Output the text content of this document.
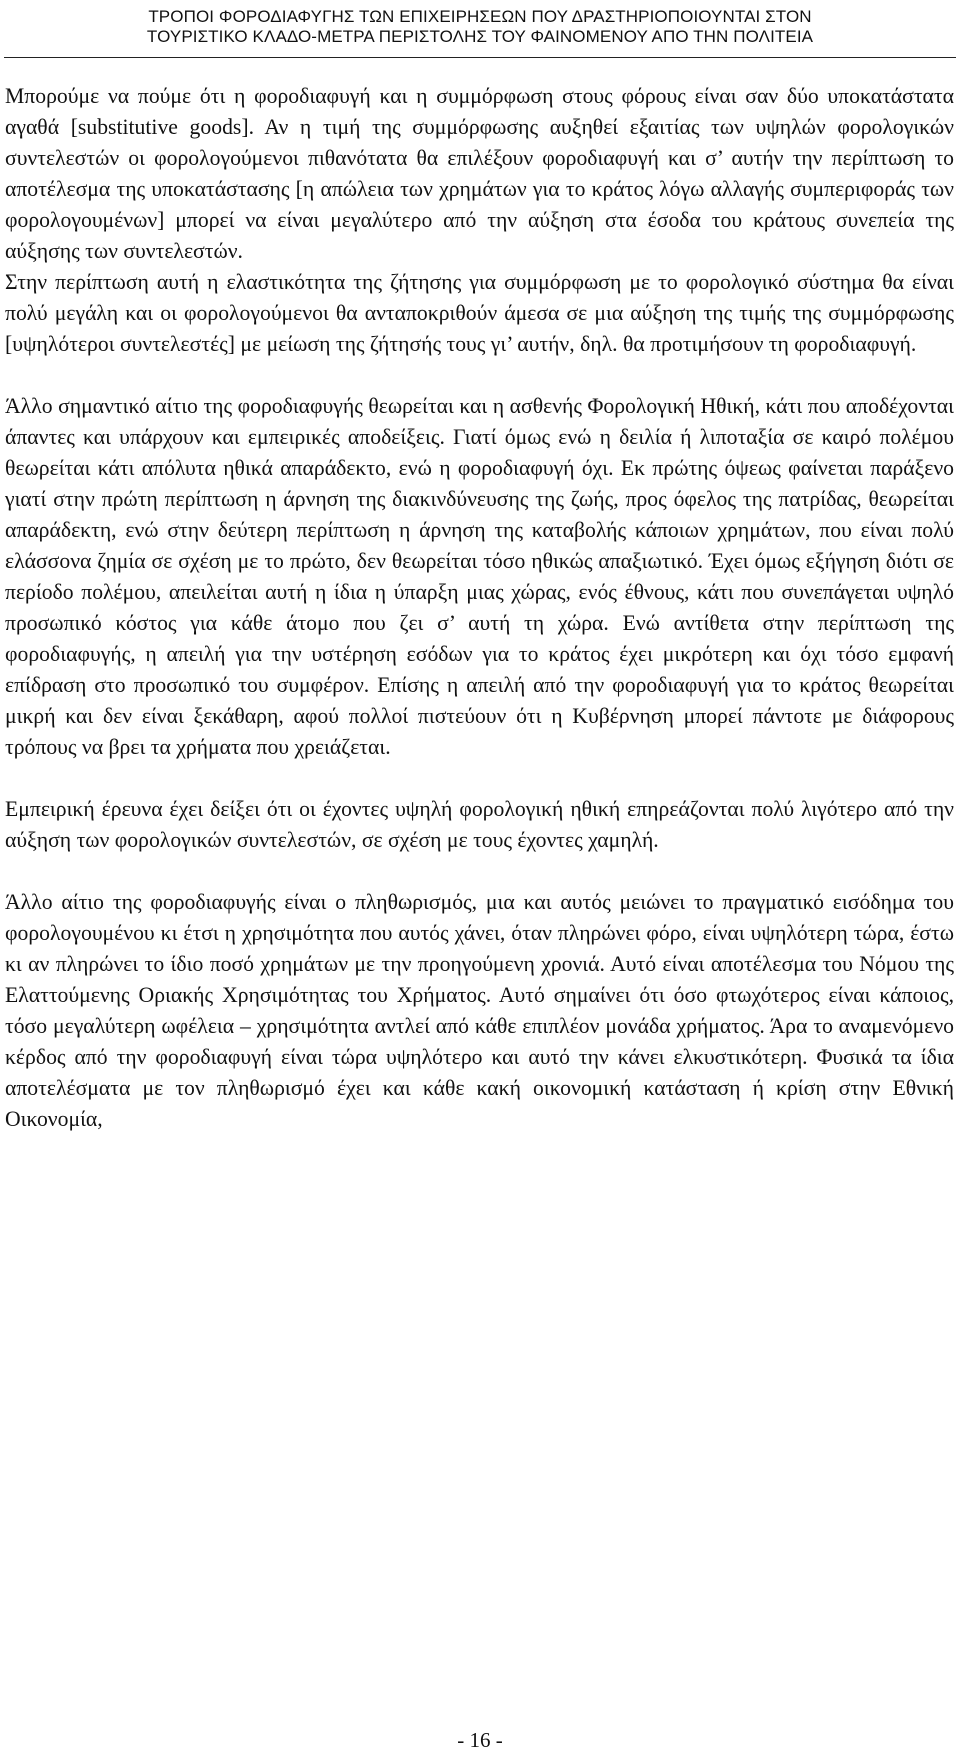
ΤΡΟΠΟΙ ΦΟΡΟΔΙΑΦΥΓΗΣ ΤΩΝ ΕΠΙΧΕΙΡΗΣΕΩΝ ΠΟΥ ΔΡΑΣΤΗΡΙΟΠΟΙΟΥΝΤΑΙ ΣΤΟΝ
ΤΟΥΡΙΣΤΙΚΟ ΚΛΑΔΟ-ΜΕΤΡΑ ΠΕΡΙΣΤΟΛΗΣ ΤΟΥ ΦΑΙΝΟΜΕΝΟΥ ΑΠΟ ΤΗΝ ΠΟΛΙΤΕΙΑ

Μπορούμε να πούμε ότι η φοροδιαφυγή και η συμμόρφωση στους φόρους είναι σαν δύο υποκατάστατα αγαθά [substitutive goods]. Αν η τιμή της συμμόρφωσης αυξηθεί εξαιτίας των υψηλών φορολογικών συντελεστών οι φορολογούμενοι πιθανότατα θα επιλέξουν φοροδιαφυγή και σ’ αυτήν την περίπτωση το αποτέλεσμα της υποκατάστασης [η απώλεια των χρημάτων για το κράτος λόγω αλλαγής συμπεριφοράς των φορολογουμένων] μπορεί να είναι μεγαλύτερο από την αύξηση στα έσοδα του κράτους συνεπεία της αύξησης των συντελεστών.

Στην περίπτωση αυτή η ελαστικότητα της ζήτησης για συμμόρφωση με το φορολογικό σύστημα θα είναι πολύ μεγάλη και οι φορολογούμενοι θα ανταποκριθούν άμεσα σε μια αύξηση της τιμής της συμμόρφωσης [υψηλότεροι συντελεστές] με μείωση της ζήτησής τους γι’ αυτήν, δηλ. θα προτιμήσουν τη φοροδιαφυγή.

Άλλο σημαντικό αίτιο της φοροδιαφυγής θεωρείται και η ασθενής Φορολογική Ηθική, κάτι που αποδέχονται άπαντες και υπάρχουν και εμπειρικές αποδείξεις. Γιατί όμως ενώ η δειλία ή λιποταξία σε καιρό πολέμου θεωρείται κάτι απόλυτα ηθικά απαράδεκτο, ενώ η φοροδιαφυγή όχι. Εκ πρώτης όψεως φαίνεται παράξενο γιατί στην πρώτη περίπτωση η άρνηση της διακινδύνευσης της ζωής, προς όφελος της πατρίδας, θεωρείται απαράδεκτη, ενώ στην δεύτερη περίπτωση η άρνηση της καταβολής κάποιων χρημάτων, που είναι πολύ ελάσσονα ζημία σε σχέση με το πρώτο, δεν θεωρείται τόσο ηθικώς απαξιωτικό. Έχει όμως εξήγηση διότι σε περίοδο πολέμου, απειλείται αυτή η ίδια η ύπαρξη μιας χώρας, ενός έθνους, κάτι που συνεπάγεται υψηλό προσωπικό κόστος για κάθε άτομο που ζει σ’ αυτή τη χώρα. Ενώ αντίθετα στην περίπτωση της φοροδιαφυγής, η απειλή για την υστέρηση εσόδων για το κράτος έχει μικρότερη και όχι τόσο εμφανή επίδραση στο προσωπικό του συμφέρον. Επίσης η απειλή από την φοροδιαφυγή για το κράτος θεωρείται μικρή και δεν είναι ξεκάθαρη, αφού πολλοί πιστεύουν ότι η Κυβέρνηση μπορεί πάντοτε με διάφορους τρόπους να βρει τα χρήματα που χρειάζεται.

Εμπειρική έρευνα έχει δείξει ότι οι έχοντες υψηλή φορολογική ηθική επηρεάζονται πολύ λιγότερο από την αύξηση των φορολογικών συντελεστών, σε σχέση με τους έχοντες χαμηλή.

Άλλο αίτιο της φοροδιαφυγής είναι ο πληθωρισμός, μια και αυτός μειώνει το πραγματικό εισόδημα του φορολογουμένου κι έτσι η χρησιμότητα που αυτός χάνει, όταν πληρώνει φόρο, είναι υψηλότερη τώρα, έστω κι αν πληρώνει το ίδιο ποσό χρημάτων με την προηγούμενη χρονιά. Αυτό είναι αποτέλεσμα του Νόμου της Ελαττούμενης Οριακής Χρησιμότητας του Χρήματος. Αυτό σημαίνει ότι όσο φτωχότερος είναι κάποιος, τόσο μεγαλύτερη ωφέλεια – χρησιμότητα αντλεί από κάθε επιπλέον μονάδα χρήματος. Άρα το αναμενόμενο κέρδος από την φοροδιαφυγή είναι τώρα υψηλότερο και αυτό την κάνει ελκυστικότερη. Φυσικά τα ίδια αποτελέσματα με τον πληθωρισμό έχει και κάθε κακή οικονομική κατάσταση ή κρίση στην Εθνική Οικονομία,

- 16 -
